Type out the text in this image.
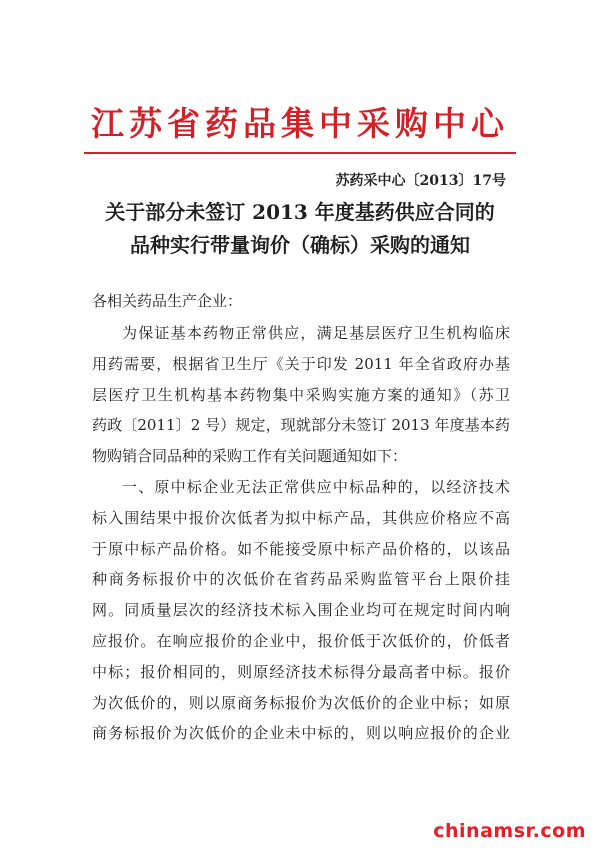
江苏省药品集中采购中心
苏药采中心〔2013〕17号
关于部分未签订 2013 年度基药供应合同的
品种实行带量询价（确标）采购的通知
各相关药品生产企业：
为保证基本药物正常供应，满足基层医疗卫生机构临床
用药需要，根据省卫生厅《关于印发 2011 年全省政府办基
层医疗卫生机构基本药物集中采购实施方案的通知》（苏卫
药政〔2011〕2 号）规定，现就部分未签订 2013 年度基本药
物购销合同品种的采购工作有关问题通知如下：
一、原中标企业无法正常供应中标品种的，以经济技术
标入围结果中报价次低者为拟中标产品，其供应价格应不高
于原中标产品价格。如不能接受原中标产品价格的，以该品
种商务标报价中的次低价在省药品采购监管平台上限价挂
网。同质量层次的经济技术标入围企业均可在规定时间内响
应报价。在响应报价的企业中，报价低于次低价的，价低者
中标；报价相同的，则原经济技术标得分最高者中标。报价
为次低价的，则以原商务标报价为次低价的企业中标；如原
商务标报价为次低价的企业未中标的，则以响应报价的企业
chinamsr.com
